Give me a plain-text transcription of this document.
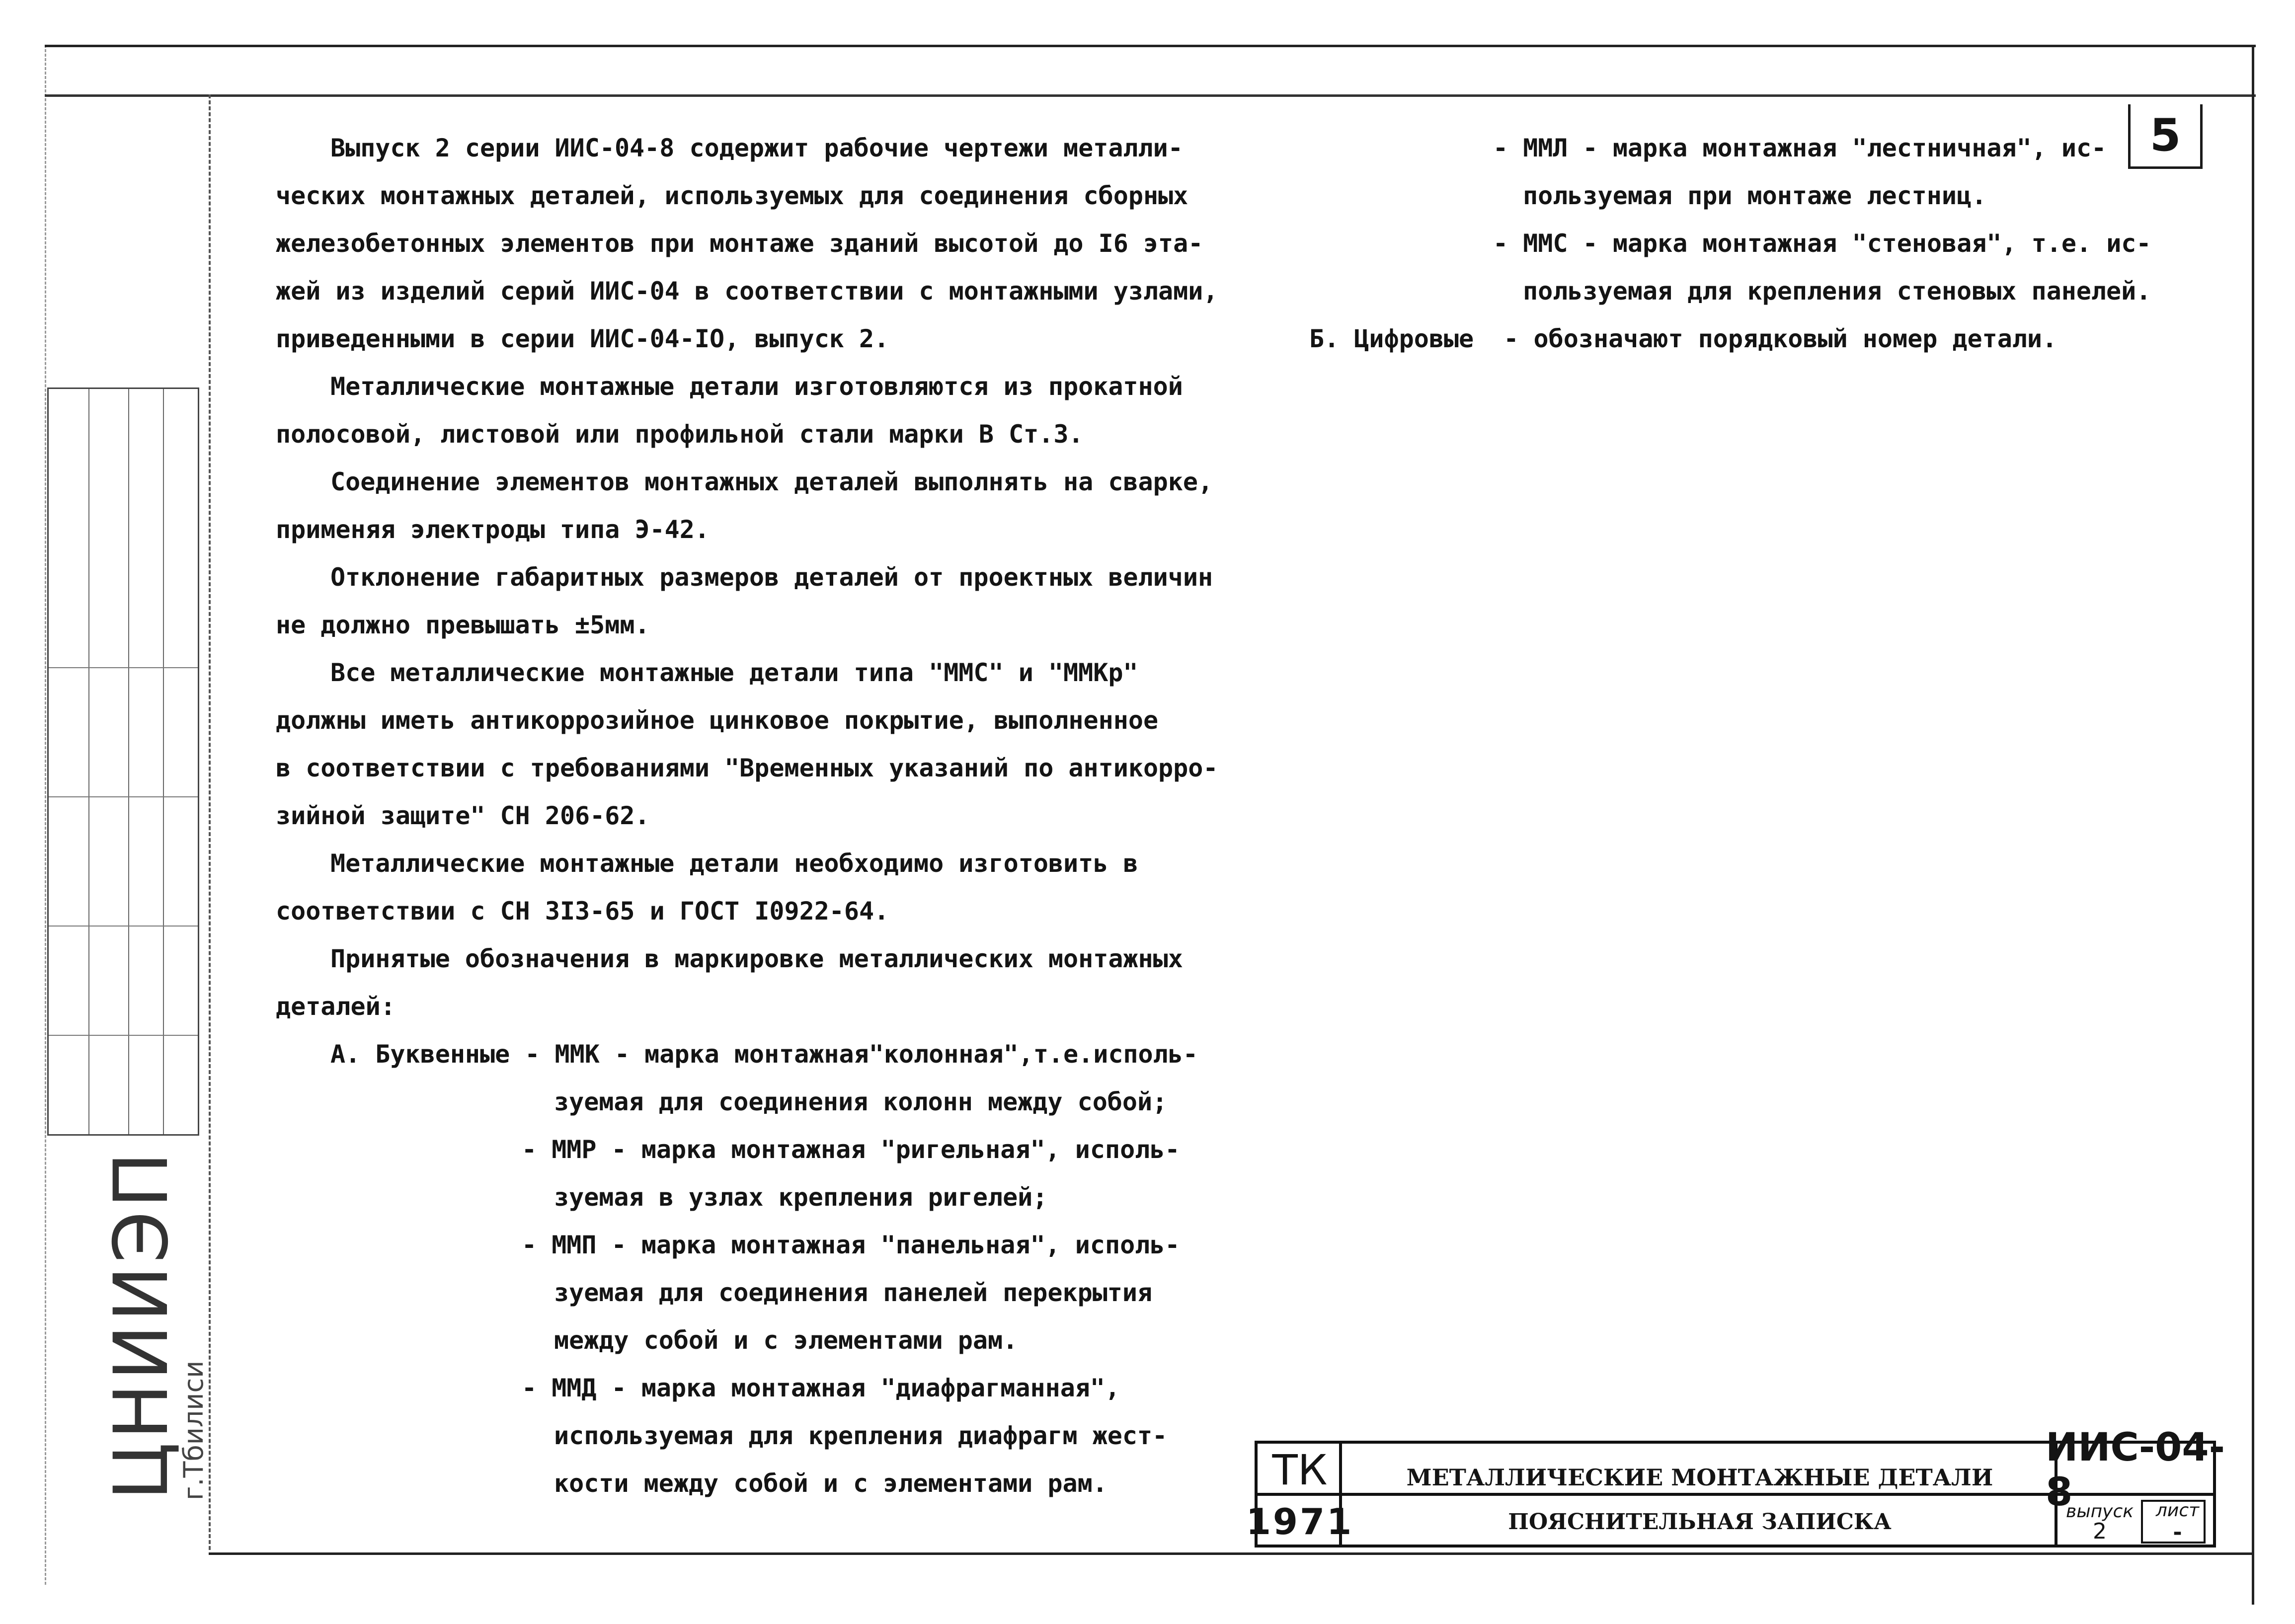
ЦНИИЭП
г.Тбилиси
5
Выпуск 2 серии ИИС-04-8 содержит рабочие чертежи металли-
ческих монтажных деталей, используемых для соединения сборных
железобетонных элементов при монтаже зданий высотой до I6 эта-
жей из изделий серий ИИС-04 в соответствии с монтажными узлами,
приведенными в серии ИИС-04-IO, выпуск 2.
Металлические монтажные детали изготовляются из прокатной
полосовой, листовой или профильной стали марки В Ст.3.
Соединение элементов монтажных деталей выполнять на сварке,
применяя электроды типа Э-42.
Отклонение габаритных размеров деталей от проектных величин
не должно превышать ±5мм.
Все металлические монтажные детали типа "ММС" и "ММКр"
должны иметь антикоррозийное цинковое покрытие, выполненное
в соответствии с требованиями "Временных указаний по антикорро-
зийной защите" СН 206-62.
Металлические монтажные детали необходимо изготовить в
соответствии с СН 3I3-65 и ГОСТ I0922-64.
Принятые обозначения в маркировке металлических монтажных
деталей:
А. Буквенные - ММК - марка монтажная"колонная",т.е.исполь-
зуемая для соединения колонн между собой;
- ММР - марка монтажная "ригельная", исполь-
зуемая в узлах крепления ригелей;
- ММП - марка монтажная "панельная", исполь-
зуемая для соединения панелей перекрытия
между собой и с элементами рам.
- ММД - марка монтажная "диафрагманная",
используемая для крепления диафрагм жест-
кости между собой и с элементами рам.
- ММЛ - марка монтажная "лестничная", ис-
пользуемая при монтаже лестниц.
- ММС - марка монтажная "стеновая", т.е. ис-
пользуемая для крепления стеновых панелей.
Б. Цифровые  - обозначают порядковый номер детали.
ТК
1971
МЕТАЛЛИЧЕСКИЕ МОНТАЖНЫЕ ДЕТАЛИ
ПОЯСНИТЕЛЬНАЯ ЗАПИСКА
ИИС-04-8
выпуск
2
лист
-
